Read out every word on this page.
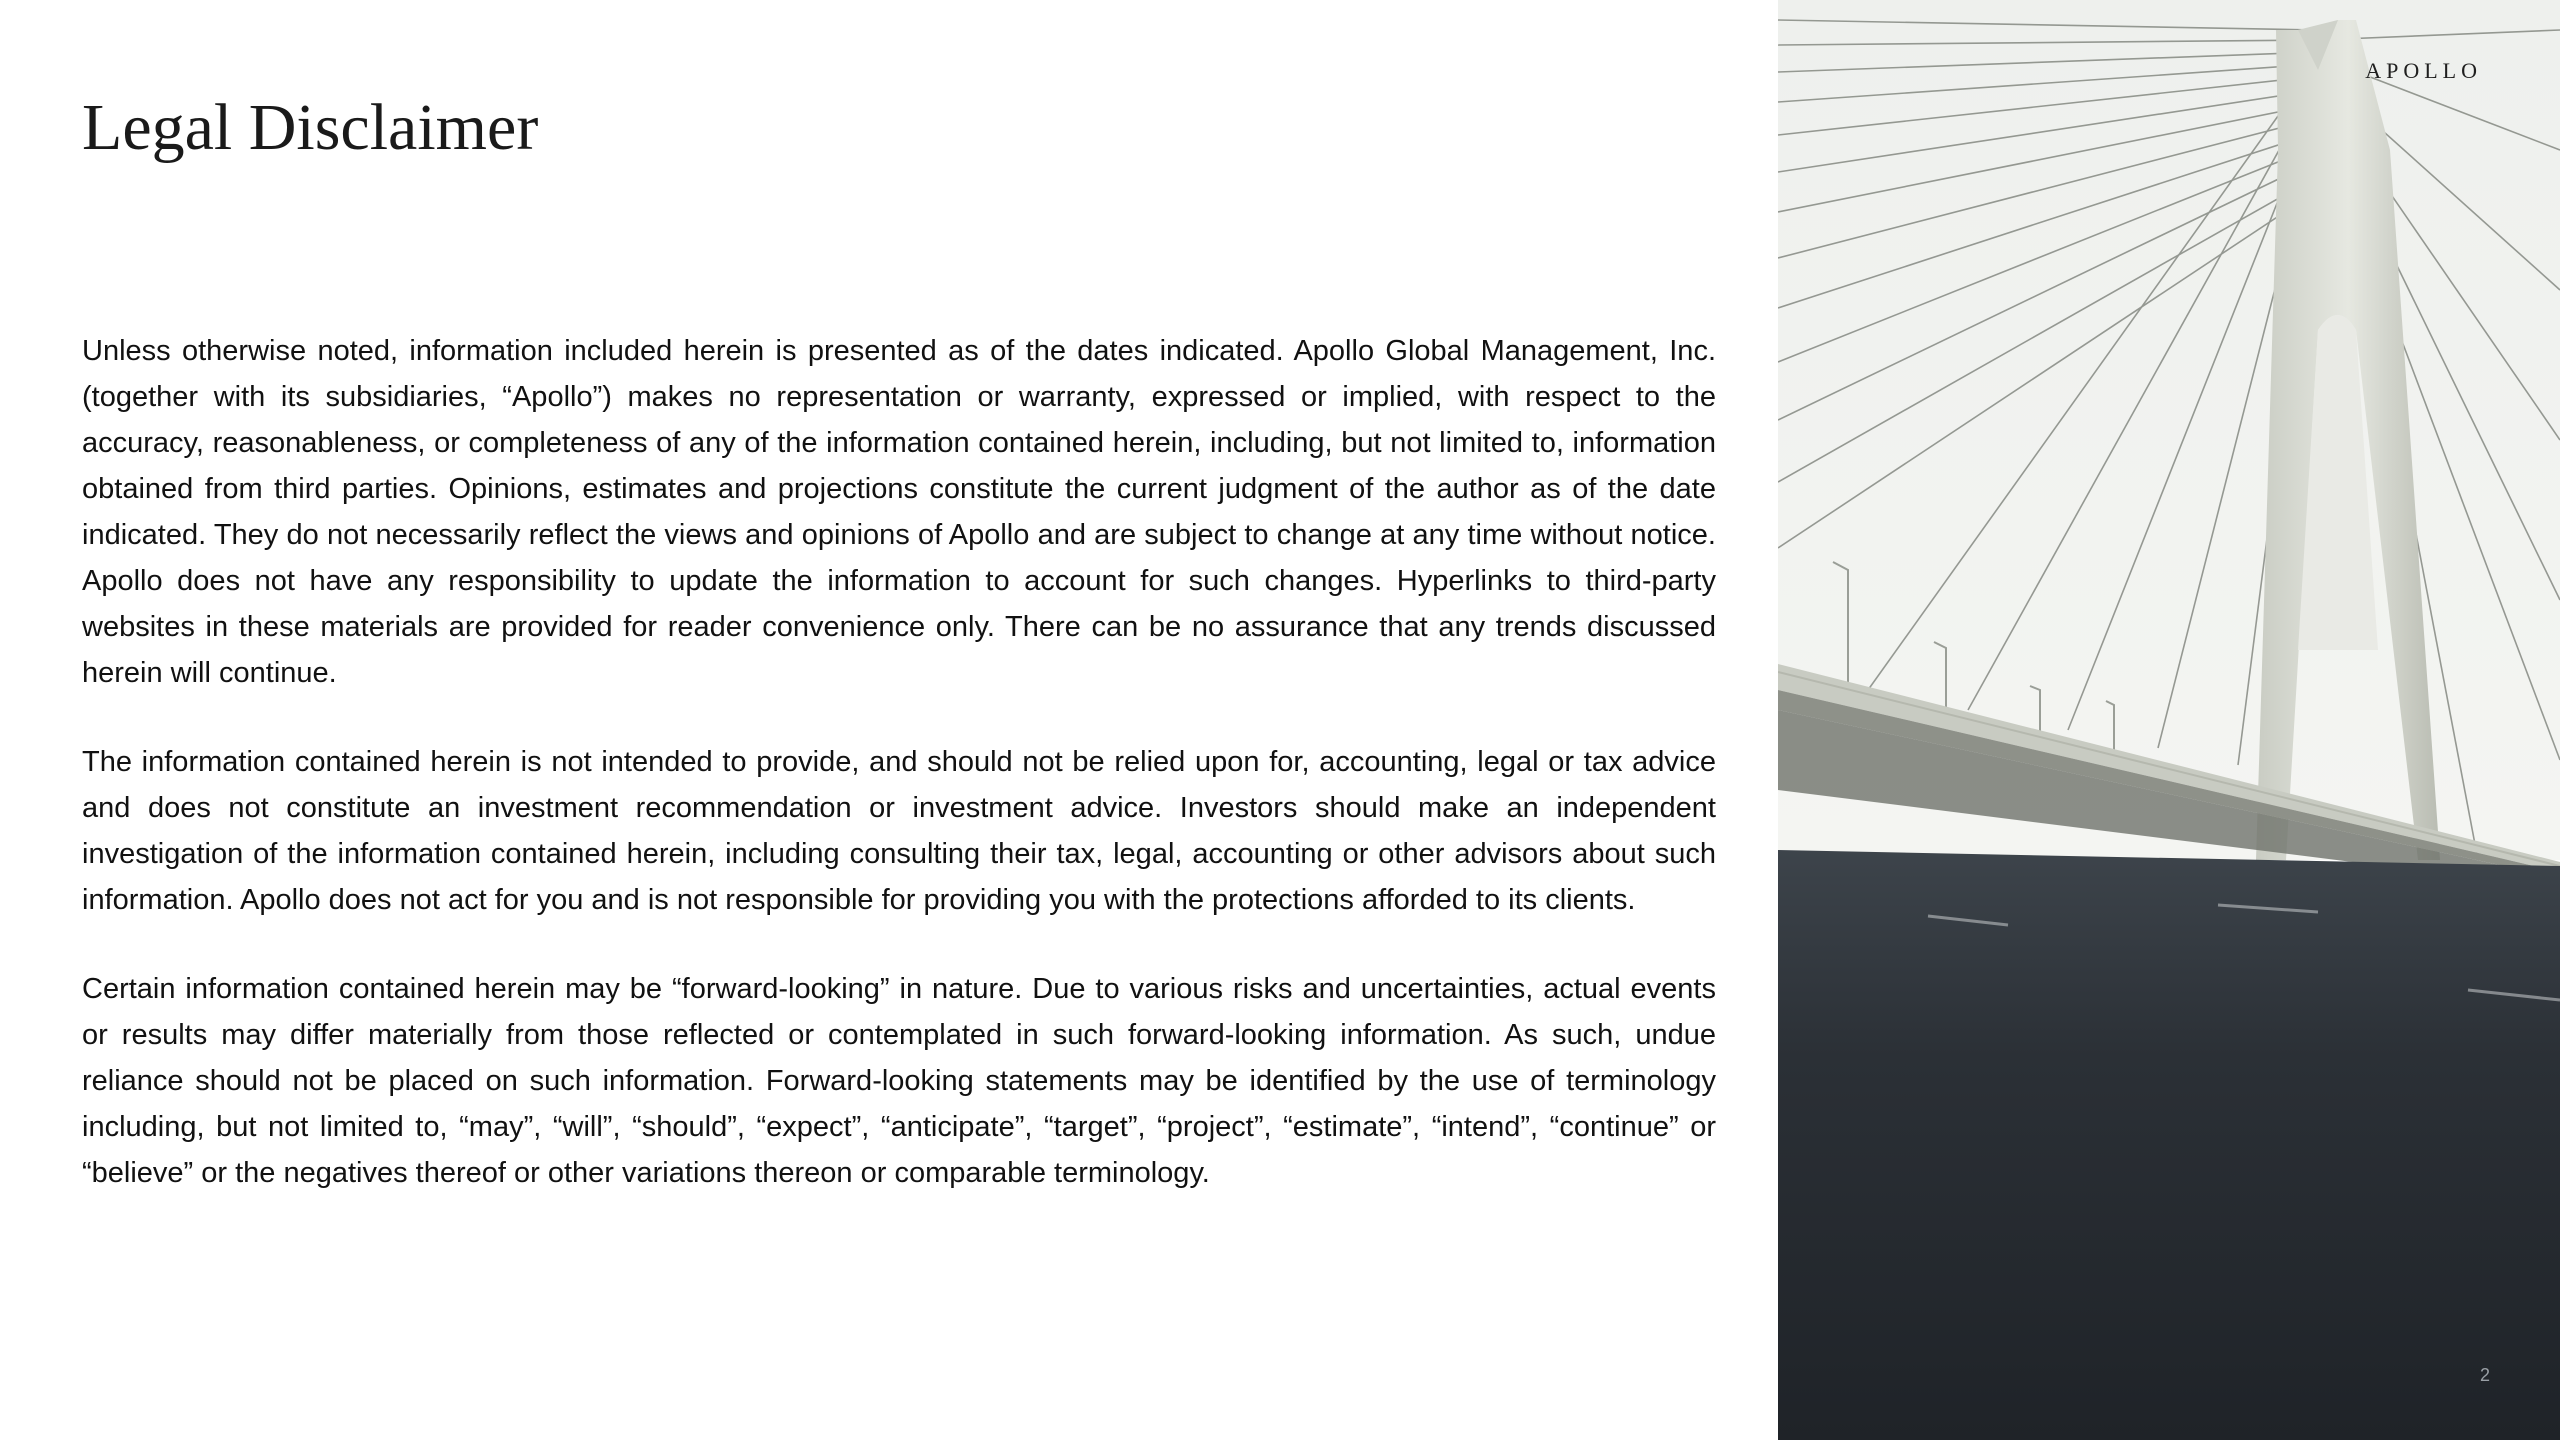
Legal Disclaimer

Unless otherwise noted, information included herein is presented as of the dates indicated. Apollo Global Management, Inc. (together with its subsidiaries, “Apollo”) makes no representation or warranty, expressed or implied, with respect to the accuracy, reasonableness, or completeness of any of the information contained herein, including, but not limited to, information obtained from third parties. Opinions, estimates and projections constitute the current judgment of the author as of the date indicated. They do not necessarily reflect the views and opinions of Apollo and are subject to change at any time without notice. Apollo does not have any responsibility to update the information to account for such changes. Hyperlinks to third-party websites in these materials are provided for reader convenience only. There can be no assurance that any trends discussed herein will continue.

The information contained herein is not intended to provide, and should not be relied upon for, accounting, legal or tax advice and does not constitute an investment recommendation or investment advice. Investors should make an independent investigation of the information contained herein, including consulting their tax, legal, accounting or other advisors about such information. Apollo does not act for you and is not responsible for providing you with the protections afforded to its clients.

Certain information contained herein may be “forward-looking” in nature. Due to various risks and uncertainties, actual events or results may differ materially from those reflected or contemplated in such forward-looking information. As such, undue reliance should not be placed on such information. Forward-looking statements may be identified by the use of terminology including, but not limited to, “may”, “will”, “should”, “expect”, “anticipate”, “target”, “project”, “estimate”, “intend”, “continue” or “believe” or the negatives thereof or other variations thereon or comparable terminology.

APOLLO
2
